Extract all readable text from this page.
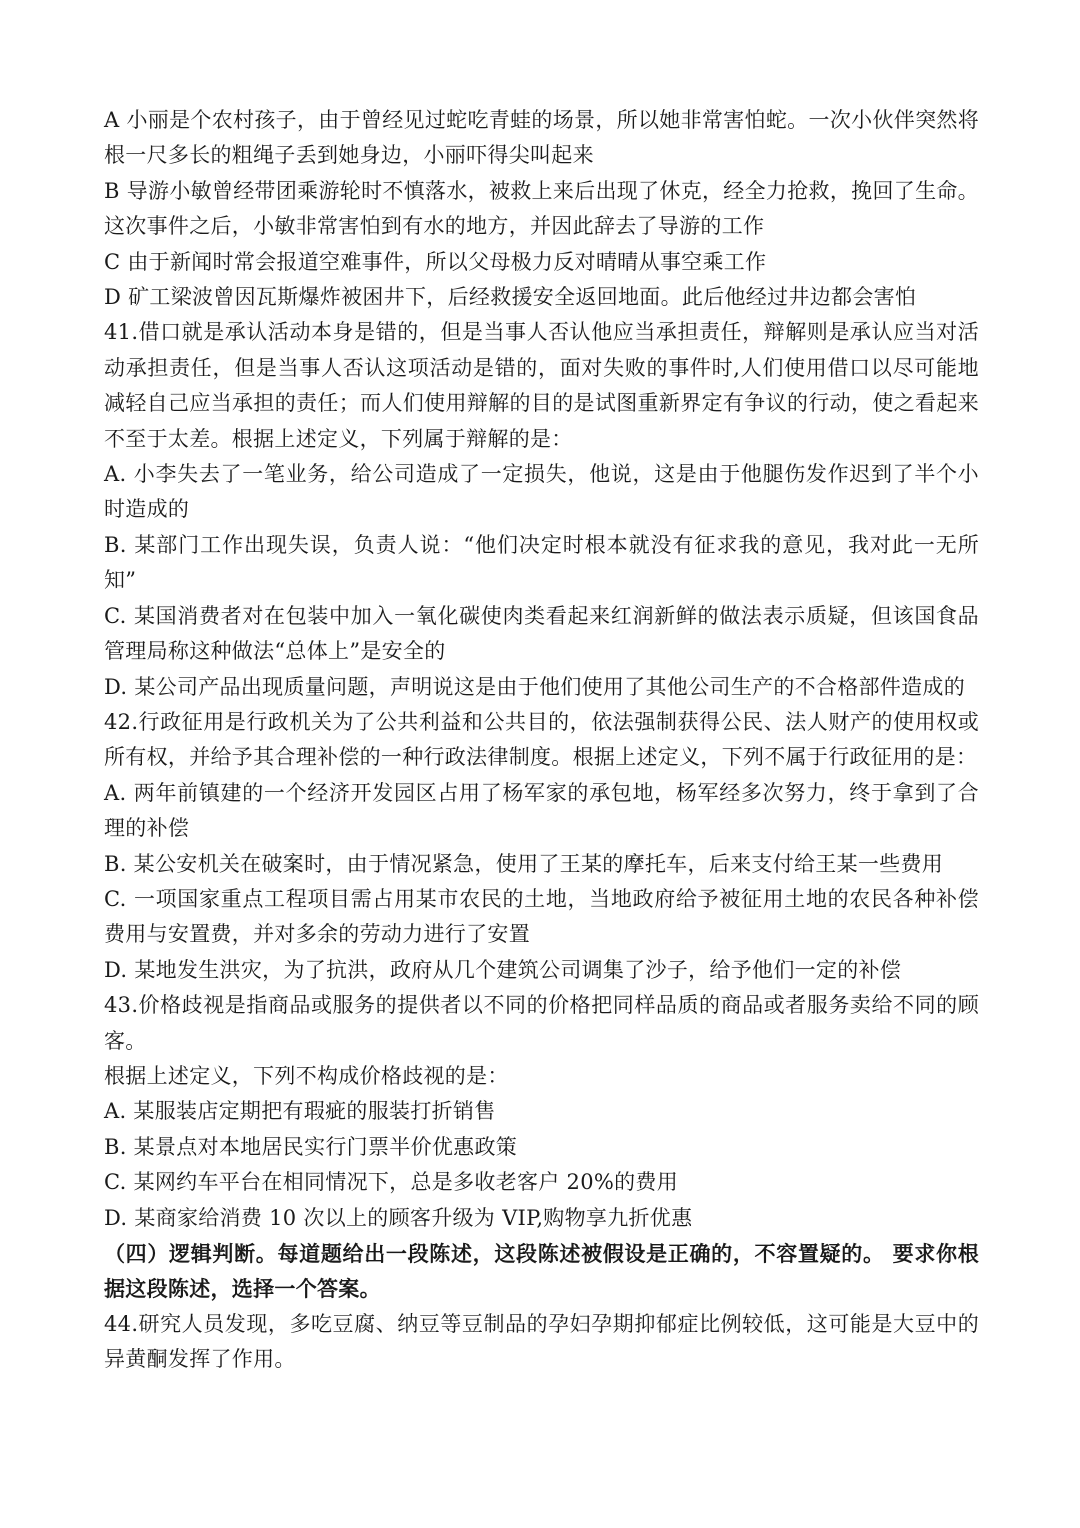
A 小丽是个农村孩子，由于曾经见过蛇吃青蛙的场景，所以她非常害怕蛇。一次小伙伴突然将根一尺多长的粗绳子丢到她身边，小丽吓得尖叫起来

B 导游小敏曾经带团乘游轮时不慎落水，被救上来后出现了休克，经全力抢救，挽回了生命。这次事件之后，小敏非常害怕到有水的地方，并因此辞去了导游的工作

C 由于新闻时常会报道空难事件，所以父母极力反对晴晴从事空乘工作

D 矿工梁波曾因瓦斯爆炸被困井下，后经救援安全返回地面。此后他经过井边都会害怕

41.借口就是承认活动本身是错的，但是当事人否认他应当承担责任，辩解则是承认应当对活动承担责任，但是当事人否认这项活动是错的，面对失败的事件时,人们使用借口以尽可能地减轻自己应当承担的责任；而人们使用辩解的目的是试图重新界定有争议的行动，使之看起来不至于太差。根据上述定义，下列属于辩解的是：

A. 小李失去了一笔业务，给公司造成了一定损失，他说，这是由于他腿伤发作迟到了半个小时造成的

B. 某部门工作出现失误，负责人说：“他们决定时根本就没有征求我的意见，我对此一无所知”

C. 某国消费者对在包装中加入一氧化碳使肉类看起来红润新鲜的做法表示质疑，但该国食品管理局称这种做法“总体上”是安全的

D. 某公司产品出现质量问题，声明说这是由于他们使用了其他公司生产的不合格部件造成的

42.行政征用是行政机关为了公共利益和公共目的，依法强制获得公民、法人财产的使用权或所有权，并给予其合理补偿的一种行政法律制度。根据上述定义，下列不属于行政征用的是：

A. 两年前镇建的一个经济开发园区占用了杨军家的承包地，杨军经多次努力，终于拿到了合理的补偿

B. 某公安机关在破案时，由于情况紧急，使用了王某的摩托车，后来支付给王某一些费用

C. 一项国家重点工程项目需占用某市农民的土地，当地政府给予被征用土地的农民各种补偿费用与安置费，并对多余的劳动力进行了安置

D. 某地发生洪灾，为了抗洪，政府从几个建筑公司调集了沙子，给予他们一定的补偿

43.价格歧视是指商品或服务的提供者以不同的价格把同样品质的商品或者服务卖给不同的顾客。

根据上述定义，下列不构成价格歧视的是：

A. 某服装店定期把有瑕疵的服装打折销售

B. 某景点对本地居民实行门票半价优惠政策

C. 某网约车平台在相同情况下，总是多收老客户 20%的费用

D. 某商家给消费 10 次以上的顾客升级为 VIP,购物享九折优惠

（四）逻辑判断。每道题给出一段陈述，这段陈述被假设是正确的，不容置疑的。 要求你根据这段陈述，选择一个答案。

44.研究人员发现，多吃豆腐、纳豆等豆制品的孕妇孕期抑郁症比例较低，这可能是大豆中的异黄酮发挥了作用。
